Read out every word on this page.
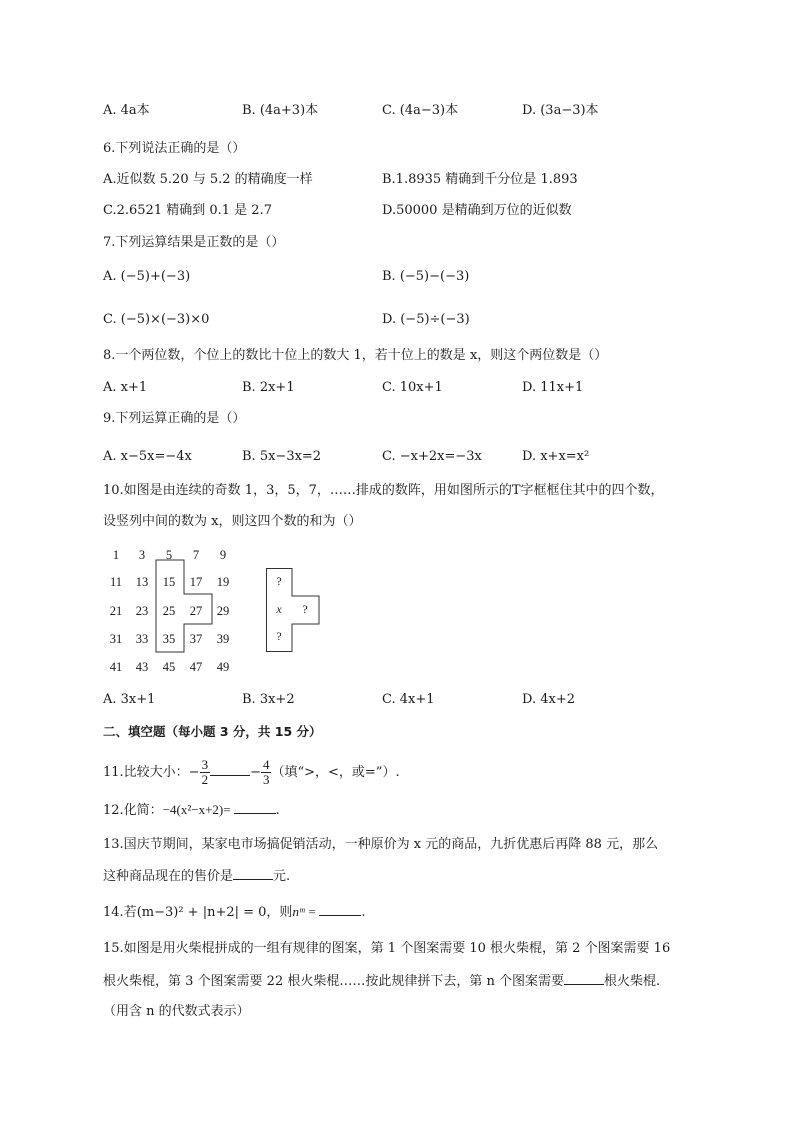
A. 4a本	B. (4a+3)本	C. (4a−3)本	D. (3a−3)本
6.下列说法正确的是（）
A.近似数 5.20 与 5.2 的精确度一样	B.1.8935 精确到千分位是 1.893
C.2.6521 精确到 0.1 是 2.7	D.50000 是精确到万位的近似数
7.下列运算结果是正数的是（）
A. (−5)+(−3)	B. (−5)−(−3)
C. (−5)×(−3)×0	D. (−5)÷(−3)
8.一个两位数，个位上的数比十位上的数大 1，若十位上的数是 x，则这个两位数是（）
A. x+1	B. 2x+1	C. 10x+1	D. 11x+1
9.下列运算正确的是（）
A. x−5x=−4x	B. 5x−3x=2	C. −x+2x=−3x	D. x+x=x²
10.如图是由连续的奇数 1，3，5，7，……排成的数阵，用如图所示的T字框框住其中的四个数，
设竖列中间的数为 x，则这四个数的和为（）
1	3	5	7	9
11	13	15	17	19
21	23	25	27	29
31	33	35	37	39
41	43	45	47	49
?
x	?
?
A. 3x+1	B. 3x+2	C. 4x+1	D. 4x+2
二、填空题（每小题 3 分，共 15 分）
11.比较大小：− $\frac{3}{2}$	− $\frac{4}{3}$ （填“>，<，或=”）.
12.化简：−4(x²−x+2)=	.
13.国庆节期间，某家电市场搞促销活动，一种原价为 x 元的商品，九折优惠后再降 88 元，那么
这种商品现在的售价是	元.
14.若(m−3)² + |n+2| = 0，则nᵐ =	.
15.如图是用火柴棍拼成的一组有规律的图案，第 1 个图案需要 10 根火柴棍，第 2 个图案需要 16
根火柴棍，第 3 个图案需要 22 根火柴棍……按此规律拼下去，第 n 个图案需要	根火柴棍.
（用含 n 的代数式表示）
